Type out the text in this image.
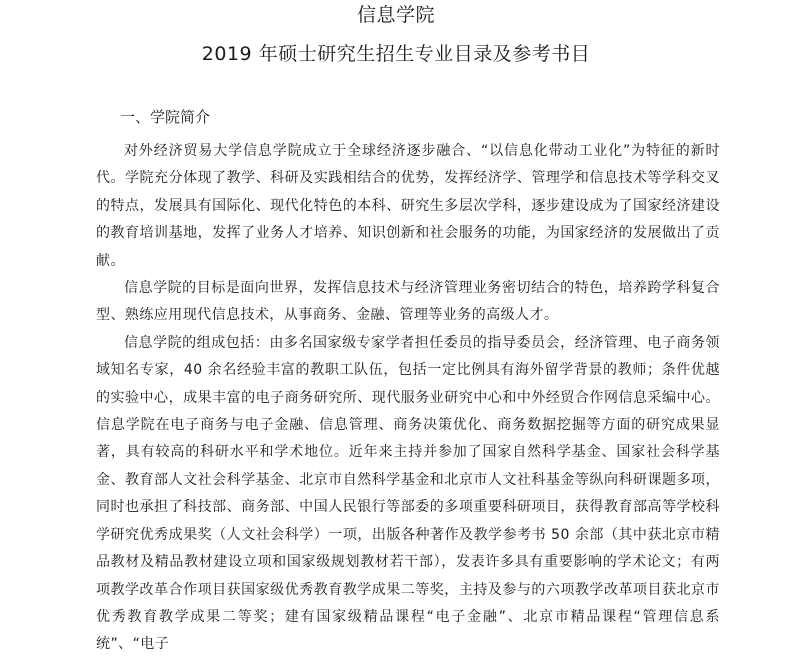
信息学院
2019 年硕士研究生招生专业目录及参考书目
一、学院简介

对外经济贸易大学信息学院成立于全球经济逐步融合、“以信息化带动工业化”为特征的新时代。学院充分体现了教学、科研及实践相结合的优势，发挥经济学、管理学和信息技术等学科交叉的特点，发展具有国际化、现代化特色的本科、研究生多层次学科，逐步建设成为了国家经济建设的教育培训基地，发挥了业务人才培养、知识创新和社会服务的功能，为国家经济的发展做出了贡献。

信息学院的目标是面向世界，发挥信息技术与经济管理业务密切结合的特色，培养跨学科复合型、熟练应用现代信息技术，从事商务、金融、管理等业务的高级人才。

信息学院的组成包括：由多名国家级专家学者担任委员的指导委员会，经济管理、电子商务领域知名专家，40 余名经验丰富的教职工队伍，包括一定比例具有海外留学背景的教师；条件优越的实验中心，成果丰富的电子商务研究所、现代服务业研究中心和中外经贸合作网信息采编中心。信息学院在电子商务与电子金融、信息管理、商务决策优化、商务数据挖掘等方面的研究成果显著，具有较高的科研水平和学术地位。近年来主持并参加了国家自然科学基金、国家社会科学基金、教育部人文社会科学基金、北京市自然科学基金和北京市人文社科基金等纵向科研课题多项，同时也承担了科技部、商务部、中国人民银行等部委的多项重要科研项目，获得教育部高等学校科学研究优秀成果奖（人文社会科学）一项，出版各种著作及教学参考书 50 余部（其中获北京市精品教材及精品教材建设立项和国家级规划教材若干部），发表许多具有重要影响的学术论文；有两项教学改革合作项目获国家级优秀教育教学成果二等奖，主持及参与的六项教学改革项目获北京市优秀教育教学成果二等奖；建有国家级精品课程“电子金融”、北京市精品课程“管理信息系统”、“电子
